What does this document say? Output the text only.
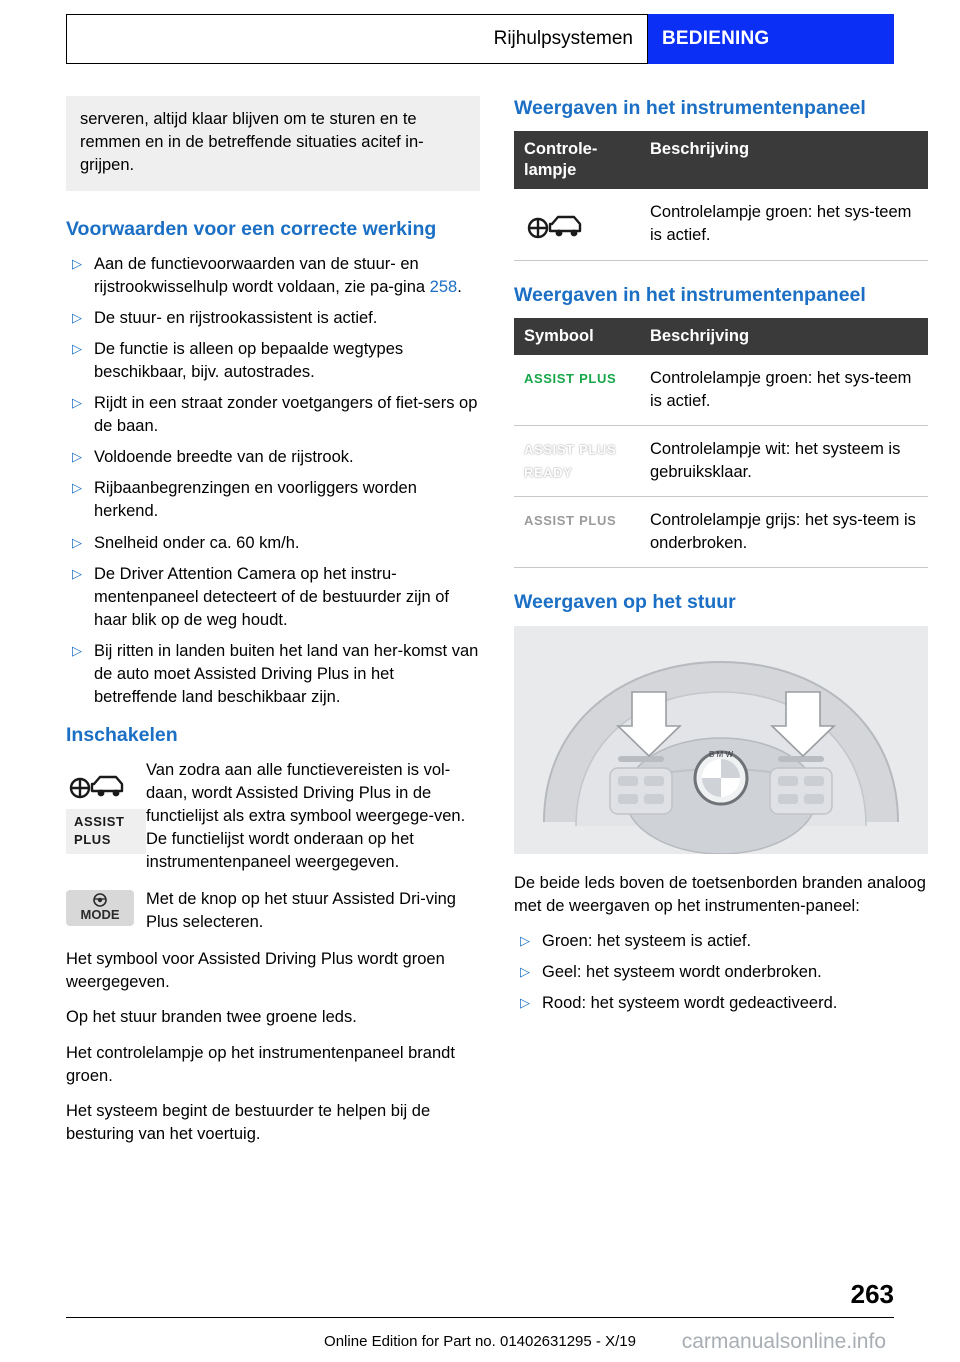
Rijhulpsystemen	BEDIENING
serveren, altijd klaar blijven om te sturen en te remmen en in de betreffende situaties acitef in-grijpen.
Voorwaarden voor een correcte werking
▷ Aan de functievoorwaarden van de stuur- en rijstrookwisselhulp wordt voldaan, zie pa-gina 258.
▷ De stuur- en rijstrookassistent is actief.
▷ De functie is alleen op bepaalde wegtypes beschikbaar, bijv. autostrades.
▷ Rijdt in een straat zonder voetgangers of fiet-sers op de baan.
▷ Voldoende breedte van de rijstrook.
▷ Rijbaanbegrenzingen en voorliggers worden herkend.
▷ Snelheid onder ca. 60 km/h.
▷ De Driver Attention Camera op het instru-mentenpaneel detecteert of de bestuurder zijn of haar blik op de weg houdt.
▷ Bij ritten in landen buiten het land van her-komst van de auto moet Assisted Driving Plus in het betreffende land beschikbaar zijn.
Inschakelen
ASSIST PLUS
Van zodra aan alle functievereisten is vol-daan, wordt Assisted Driving Plus in de functielijst als extra symbool weergege-ven. De functielijst wordt onderaan op het instrumentenpaneel weergegeven.
MODE
Met de knop op het stuur Assisted Dri-ving Plus selecteren.

Het symbool voor Assisted Driving Plus wordt groen weergegeven.

Op het stuur branden twee groene leds.

Het controlelampje op het instrumentenpaneel brandt groen.

Het systeem begint de bestuurder te helpen bij de besturing van het voertuig.

Weergaven in het instrumentenpaneel
Controle-lampje	Beschrijving
	Controlelampje groen: het sys-teem is actief.
Weergaven in het instrumentenpaneel
Symbool	Beschrijving
ASSIST PLUS	Controlelampje groen: het sys-teem is actief.
ASSIST PLUS READY	Controlelampje wit: het systeem is gebruiksklaar.
ASSIST PLUS	Controlelampje grijs: het sys-teem is onderbroken.
Weergaven op het stuur
B M W

De beide leds boven de toetsenborden branden analoog met de weergaven op het instrumenten-paneel:

▷ Groen: het systeem is actief.
▷ Geel: het systeem wordt onderbroken.
▷ Rood: het systeem wordt gedeactiveerd.
263
Online Edition for Part no. 01402631295 - X/19	carmanualsonline.info
